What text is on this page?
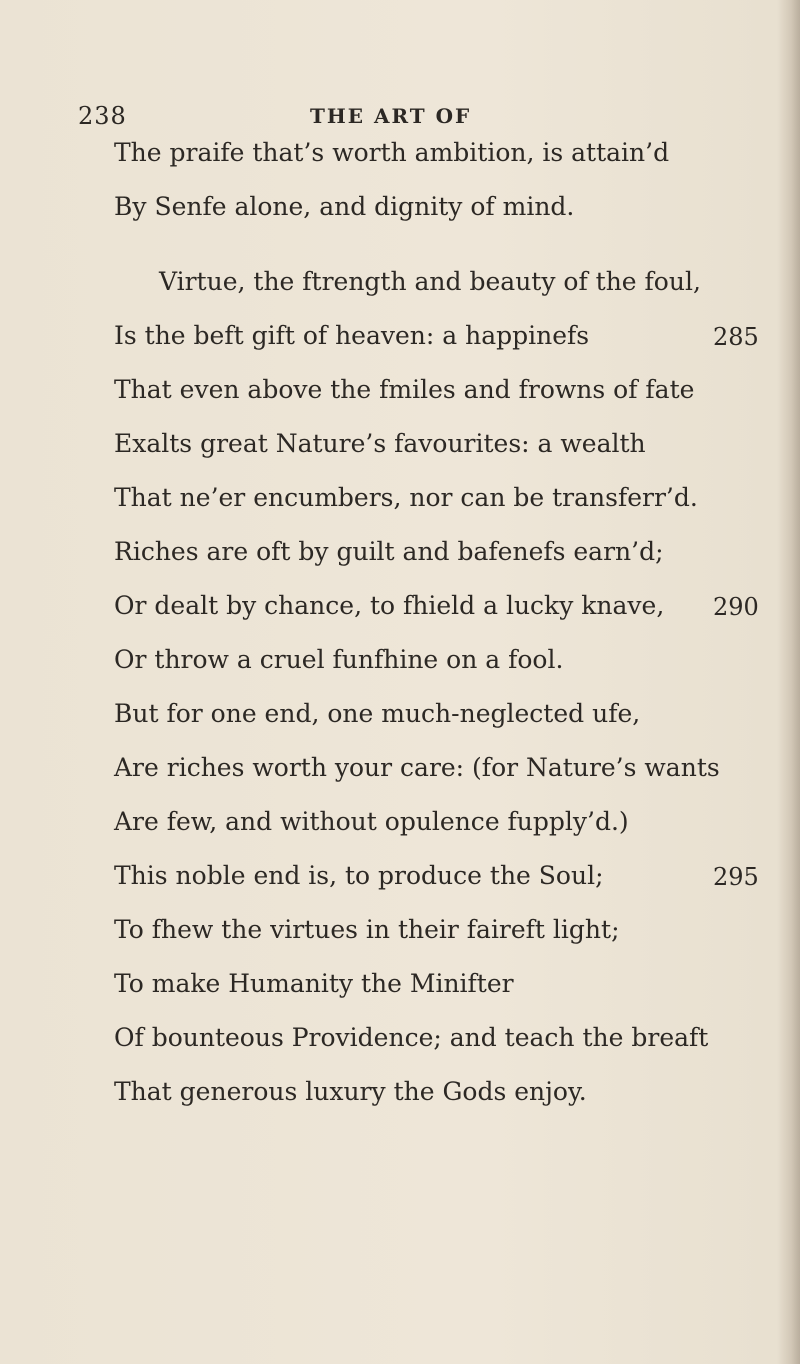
238	THE ART OF
The praife that’s worth ambition, is attain’d
By Senfe alone, and dignity of mind.
Virtue, the ftrength and beauty of the foul,
Is the beft gift of heaven: a happinefs
That even above the fmiles and frowns of fate
Exalts great Nature’s favourites: a wealth
That ne’er encumbers, nor can be transferr’d.
Riches are oft by guilt and bafenefs earn’d;
Or dealt by chance, to fhield a lucky knave,
Or throw a cruel funfhine on a fool.
But for one end, one much-neglected ufe,
Are riches worth your care: (for Nature’s wants
Are few, and without opulence fupply’d.)
This noble end is, to produce the Soul;
To fhew the virtues in their faireft light;
To make Humanity the Minifter
Of bounteous Providence; and teach the breaft
That generous luxury the Gods enjoy.
285
290
295
